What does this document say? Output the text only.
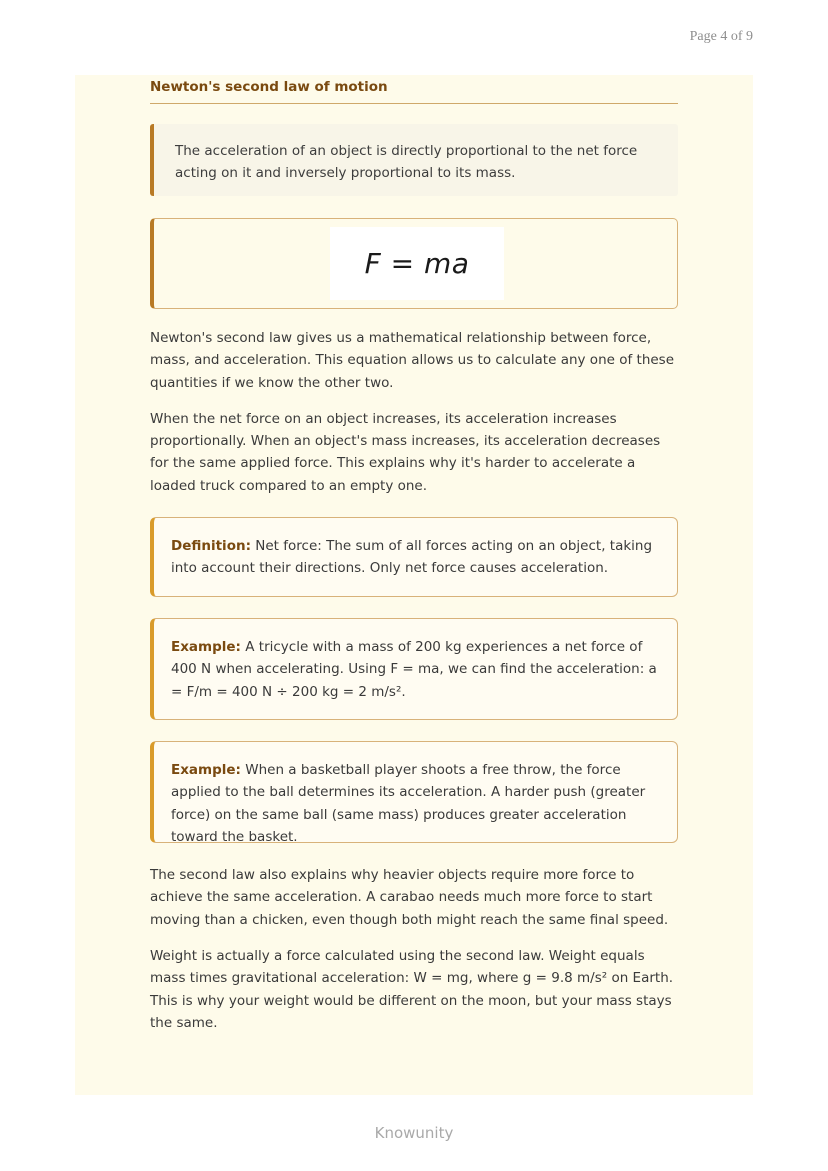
Page 4 of 9
Newton's second law of motion
The acceleration of an object is directly proportional to the net force acting on it and inversely proportional to its mass.
F = ma

Newton's second law gives us a mathematical relationship between force, mass, and acceleration. This equation allows us to calculate any one of these quantities if we know the other two.

When the net force on an object increases, its acceleration increases proportionally. When an object's mass increases, its acceleration decreases for the same applied force. This explains why it's harder to accelerate a loaded truck compared to an empty one.

Definition: Net force: The sum of all forces acting on an object, taking into account their directions. Only net force causes acceleration.
Example: A tricycle with a mass of 200 kg experiences a net force of 400 N when accelerating. Using F = ma, we can find the acceleration: a = F/m = 400 N ÷ 200 kg = 2 m/s².
Example: When a basketball player shoots a free throw, the force applied to the ball determines its acceleration. A harder push (greater force) on the same ball (same mass) produces greater acceleration toward the basket.

The second law also explains why heavier objects require more force to achieve the same acceleration. A carabao needs much more force to start moving than a chicken, even though both might reach the same final speed.

Weight is actually a force calculated using the second law. Weight equals mass times gravitational acceleration: W = mg, where g = 9.8 m/s² on Earth. This is why your weight would be different on the moon, but your mass stays the same.

Knowunity
